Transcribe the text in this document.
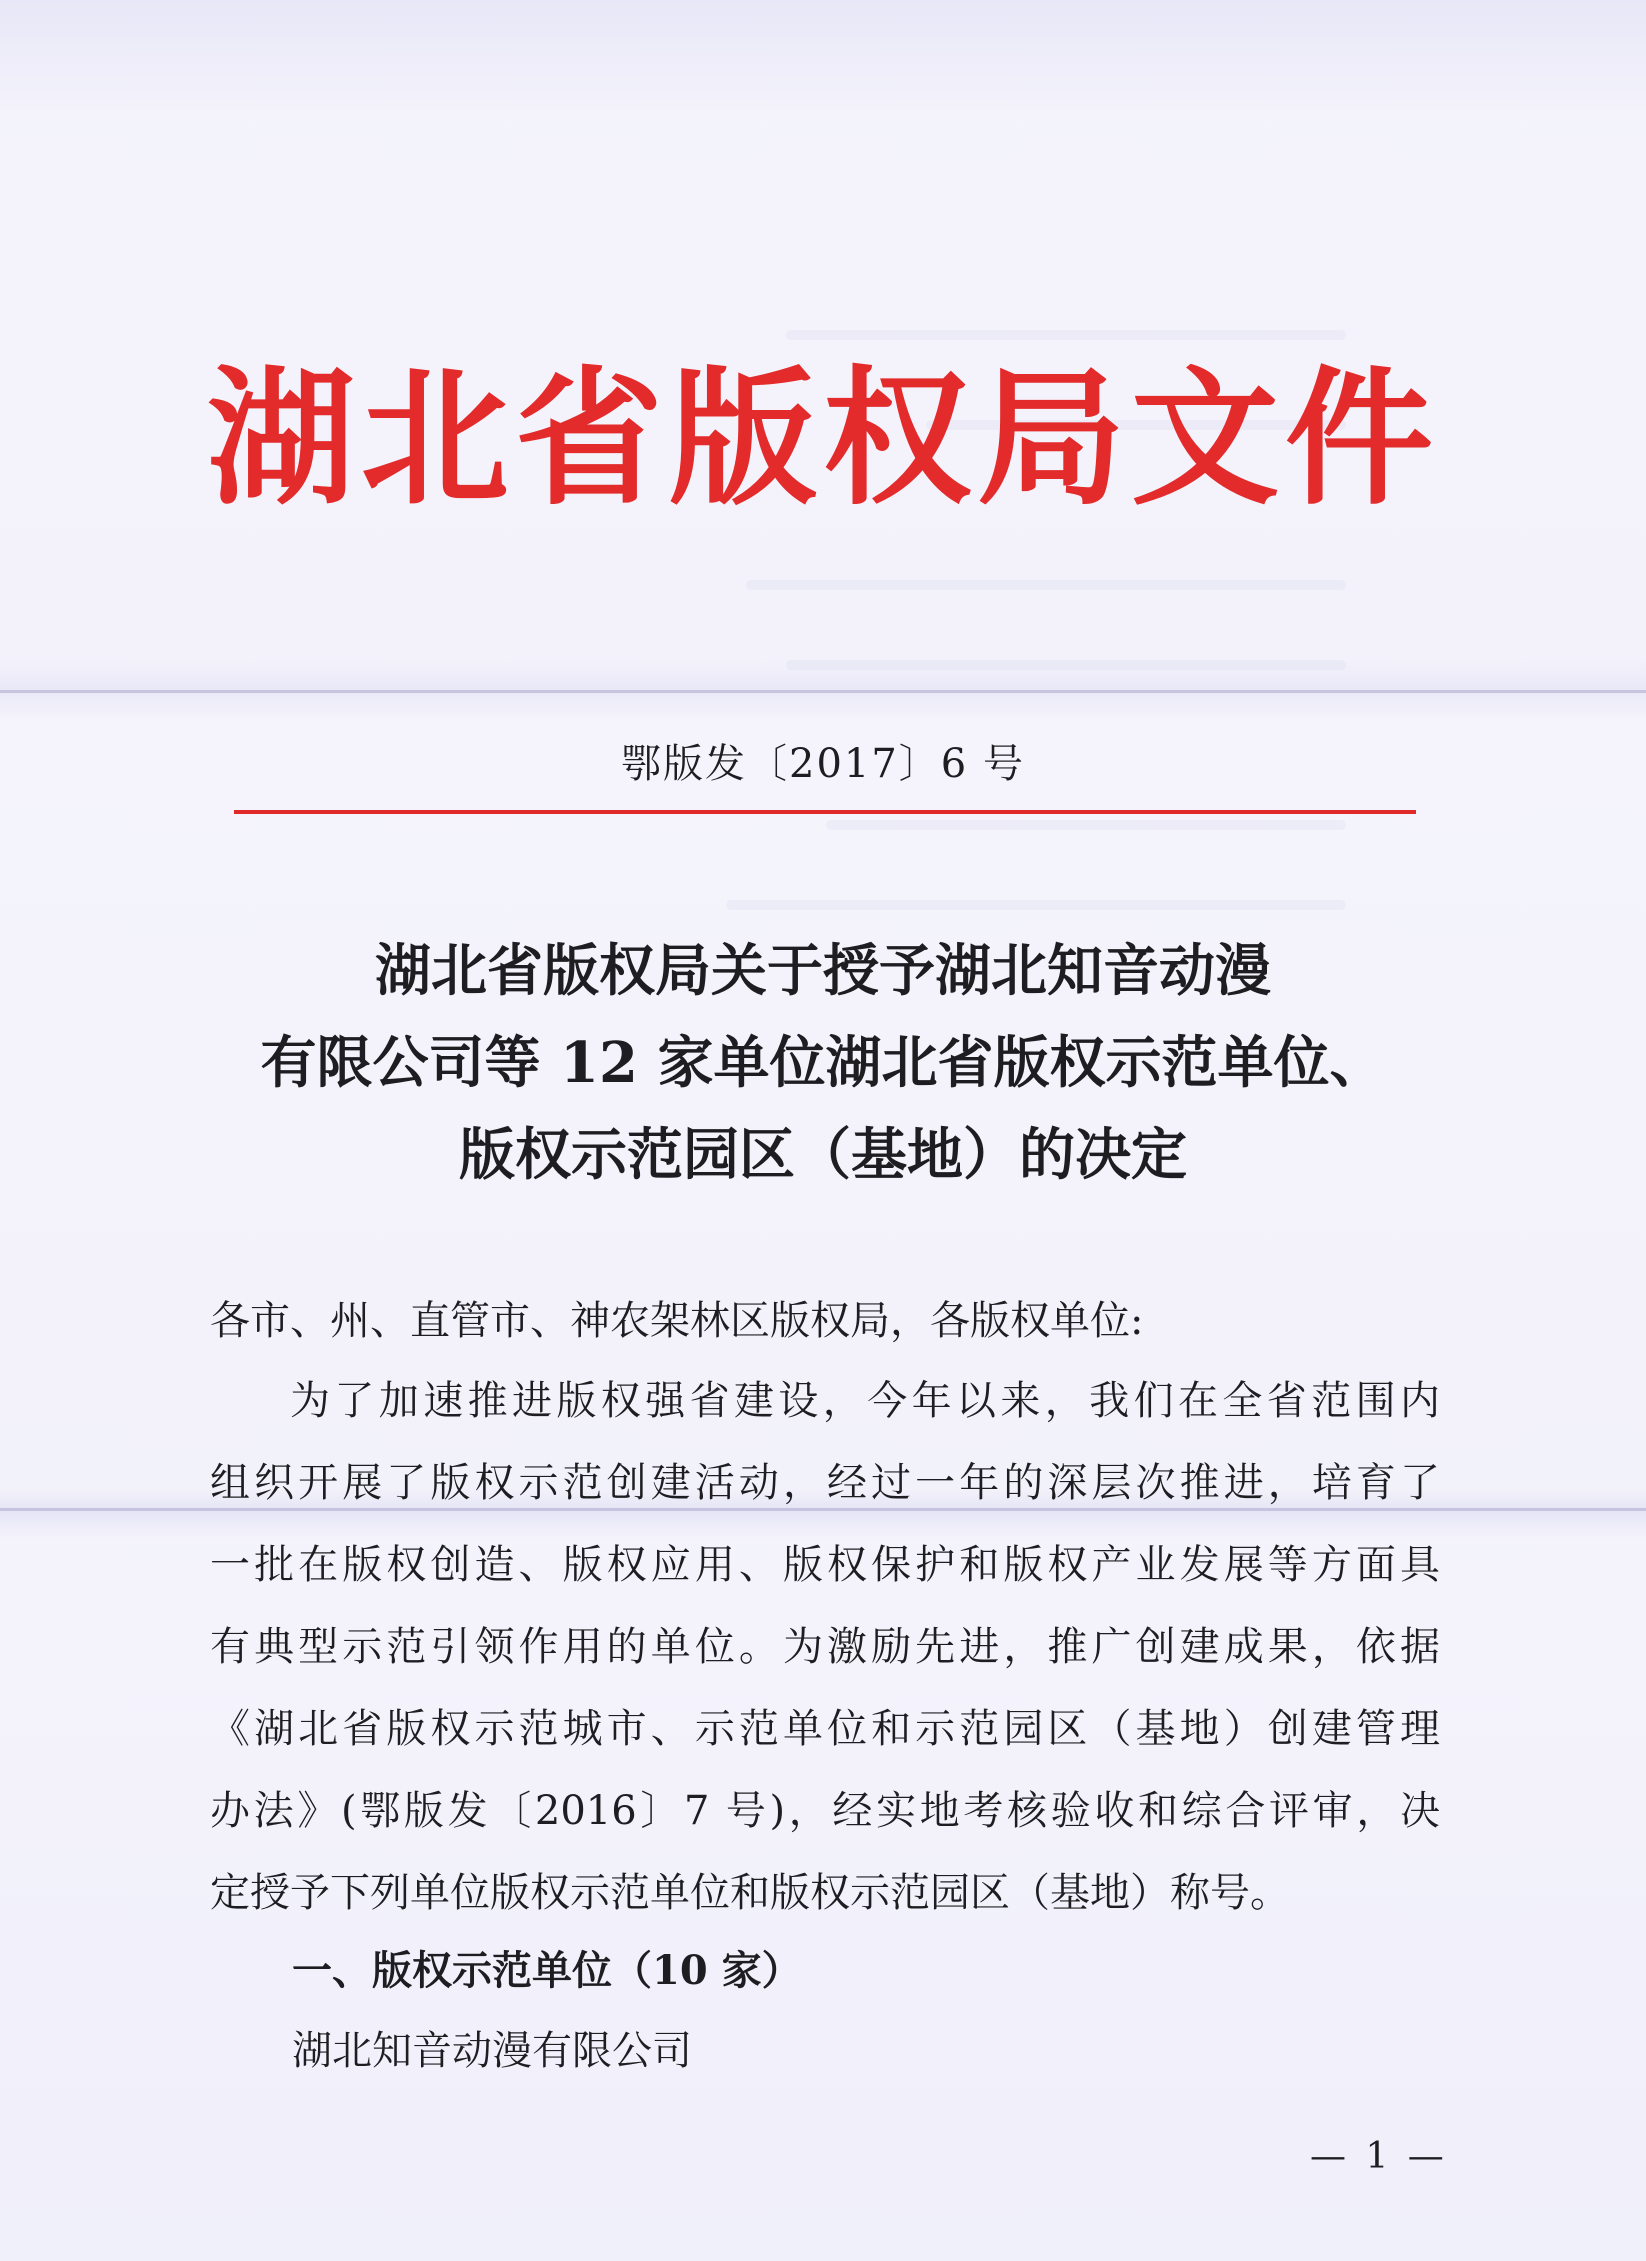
湖北省版权局文件
鄂版发〔2017〕6 号
湖北省版权局关于授予湖北知音动漫
有限公司等 12 家单位湖北省版权示范单位、
版权示范园区（基地）的决定
各市、州、直管市、神农架林区版权局，各版权单位:
为了加速推进版权强省建设，今年以来，我们在全省范围内
组织开展了版权示范创建活动，经过一年的深层次推进，培育了
一批在版权创造、版权应用、版权保护和版权产业发展等方面具
有典型示范引领作用的单位。为激励先进，推广创建成果，依据
《湖北省版权示范城市、示范单位和示范园区（基地）创建管理
办法》(鄂版发〔2016〕7 号)，经实地考核验收和综合评审，决
定授予下列单位版权示范单位和版权示范园区（基地）称号。
一、版权示范单位（10 家）
湖北知音动漫有限公司
— 1 —
